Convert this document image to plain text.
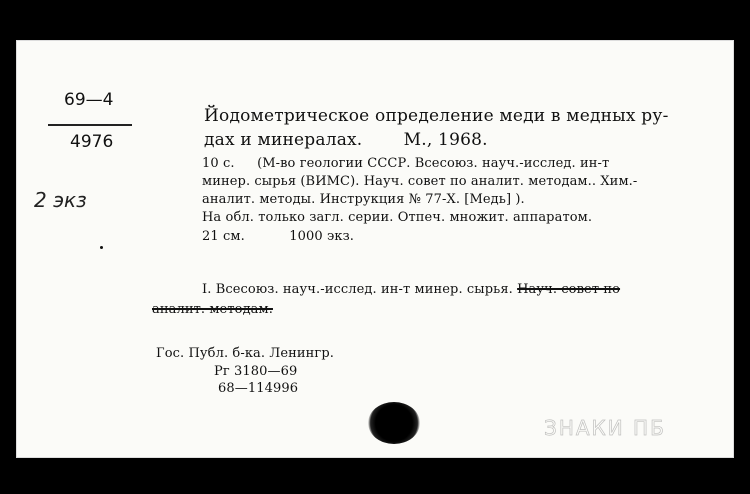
69—4
4976
2 экз
Йодометрическое определение меди в медных ру-
дах и минералах. М., 1968.
10 с. (М-во геологии СССР. Всесоюз. науч.-исслед. ин-т
минер. сырья (ВИМС). Науч. совет по аналит. методам.. Хим.-
аналит. методы. Инструкция № 77-Х. [Медь] ).
На обл. только загл. серии. Отпеч. множит. аппаратом.
21 см.	1000 экз.
I. Всесоюз. науч.-исслед. ин-т минер. сырья. Науч. совет по
аналит. методам.
Гос. Публ. б-ка. Ленингр.
Рг 3180—69
68—114996
ЗНАКИ ПБ
